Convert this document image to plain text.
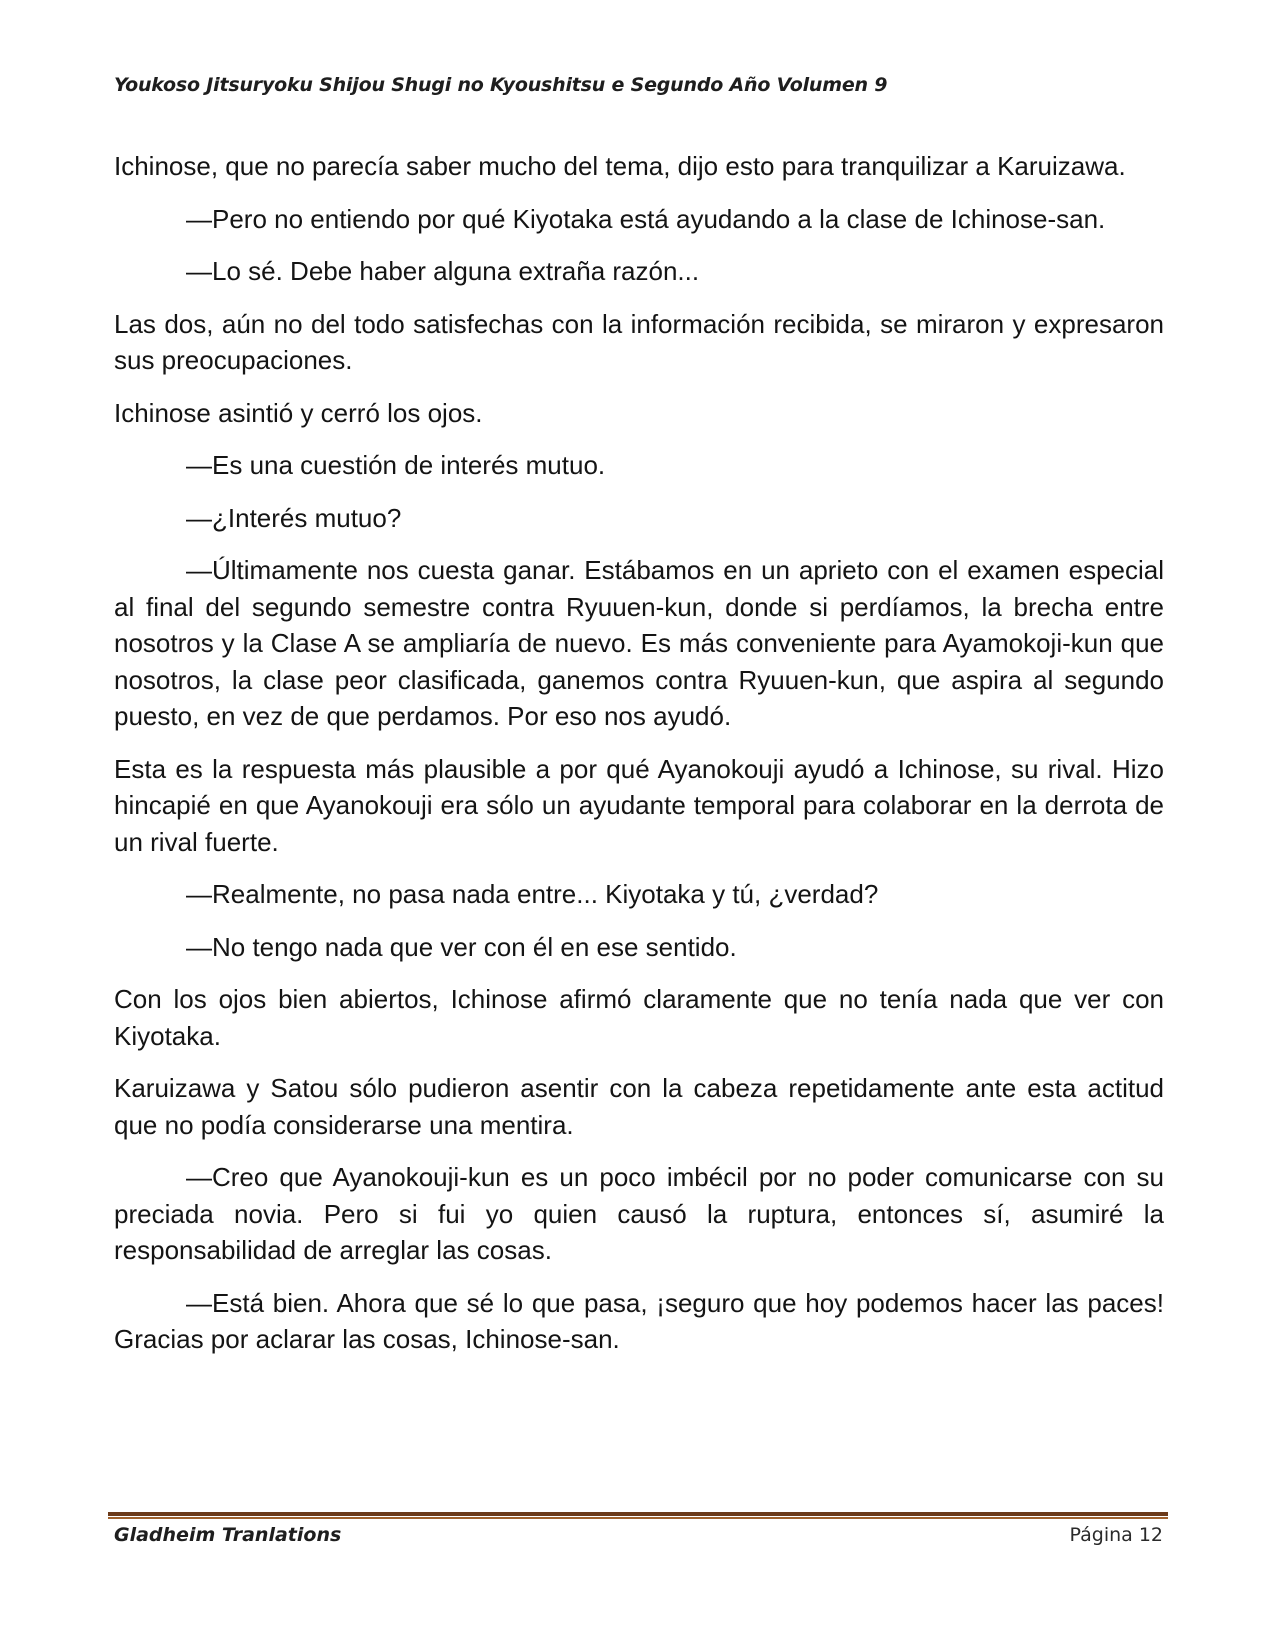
Youkoso Jitsuryoku Shijou Shugi no Kyoushitsu e Segundo Año Volumen 9

Ichinose, que no parecía saber mucho del tema, dijo esto para tranquilizar a Karuizawa.

—Pero no entiendo por qué Kiyotaka está ayudando a la clase de Ichinose-san.

—Lo sé. Debe haber alguna extraña razón...

Las dos, aún no del todo satisfechas con la información recibida, se miraron y expresaron sus preocupaciones.

Ichinose asintió y cerró los ojos.

—Es una cuestión de interés mutuo.

—¿Interés mutuo?

—Últimamente nos cuesta ganar. Estábamos en un aprieto con el examen especial al final del segundo semestre contra Ryuuen-kun, donde si perdíamos, la brecha entre nosotros y la Clase A se ampliaría de nuevo. Es más conveniente para Ayamokoji-kun que nosotros, la clase peor clasificada, ganemos contra Ryuuen-kun, que aspira al segundo puesto, en vez de que perdamos. Por eso nos ayudó.

Esta es la respuesta más plausible a por qué Ayanokouji ayudó a Ichinose, su rival. Hizo hincapié en que Ayanokouji era sólo un ayudante temporal para colaborar en la derrota de un rival fuerte.

—Realmente, no pasa nada entre... Kiyotaka y tú, ¿verdad?

—No tengo nada que ver con él en ese sentido.

Con los ojos bien abiertos, Ichinose afirmó claramente que no tenía nada que ver con Kiyotaka.

Karuizawa y Satou sólo pudieron asentir con la cabeza repetidamente ante esta actitud que no podía considerarse una mentira.

—Creo que Ayanokouji-kun es un poco imbécil por no poder comunicarse con su preciada novia. Pero si fui yo quien causó la ruptura, entonces sí, asumiré la responsabilidad de arreglar las cosas.

—Está bien. Ahora que sé lo que pasa, ¡seguro que hoy podemos hacer las paces! Gracias por aclarar las cosas, Ichinose-san.

Gladheim Tranlations	Página 12
